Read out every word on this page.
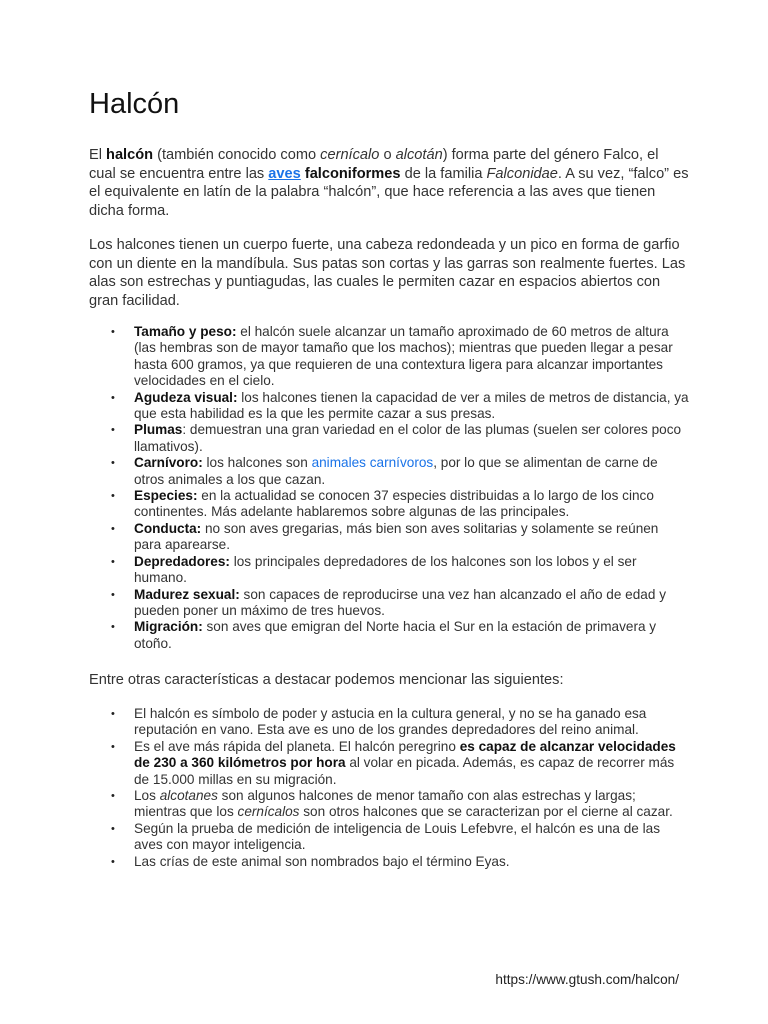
Halcón

El halcón (también conocido como cernícalo o alcotán) forma parte del género Falco, el cual se encuentra entre las aves falconiformes de la familia Falconidae. A su vez, “falco” es el equivalente en latín de la palabra “halcón”, que hace referencia a las aves que tienen dicha forma.

Los halcones tienen un cuerpo fuerte, una cabeza redondeada y un pico en forma de garfio con un diente en la mandíbula. Sus patas son cortas y las garras son realmente fuertes. Las alas son estrechas y puntiagudas, las cuales le permiten cazar en espacios abiertos con gran facilidad.

• Tamaño y peso: el halcón suele alcanzar un tamaño aproximado de 60 metros de altura (las hembras son de mayor tamaño que los machos); mientras que pueden llegar a pesar hasta 600 gramos, ya que requieren de una contextura ligera para alcanzar importantes velocidades en el cielo.
• Agudeza visual: los halcones tienen la capacidad de ver a miles de metros de distancia, ya que esta habilidad es la que les permite cazar a sus presas.
• Plumas: demuestran una gran variedad en el color de las plumas (suelen ser colores poco llamativos).
• Carnívoro: los halcones son animales carnívoros, por lo que se alimentan de carne de otros animales a los que cazan.
• Especies: en la actualidad se conocen 37 especies distribuidas a lo largo de los cinco continentes. Más adelante hablaremos sobre algunas de las principales.
• Conducta: no son aves gregarias, más bien son aves solitarias y solamente se reúnen para aparearse.
• Depredadores: los principales depredadores de los halcones son los lobos y el ser humano.
• Madurez sexual: son capaces de reproducirse una vez han alcanzado el año de edad y pueden poner un máximo de tres huevos.
• Migración: son aves que emigran del Norte hacia el Sur en la estación de primavera y otoño.

Entre otras características a destacar podemos mencionar las siguientes:

• El halcón es símbolo de poder y astucia en la cultura general, y no se ha ganado esa reputación en vano. Esta ave es uno de los grandes depredadores del reino animal.
• Es el ave más rápida del planeta. El halcón peregrino es capaz de alcanzar velocidades de 230 a 360 kilómetros por hora al volar en picada. Además, es capaz de recorrer más de 15.000 millas en su migración.
• Los alcotanes son algunos halcones de menor tamaño con alas estrechas y largas; mientras que los cernícalos son otros halcones que se caracterizan por el cierne al cazar.
• Según la prueba de medición de inteligencia de Louis Lefebvre, el halcón es una de las aves con mayor inteligencia.
• Las crías de este animal son nombrados bajo el término Eyas.
https://www.gtush.com/halcon/
